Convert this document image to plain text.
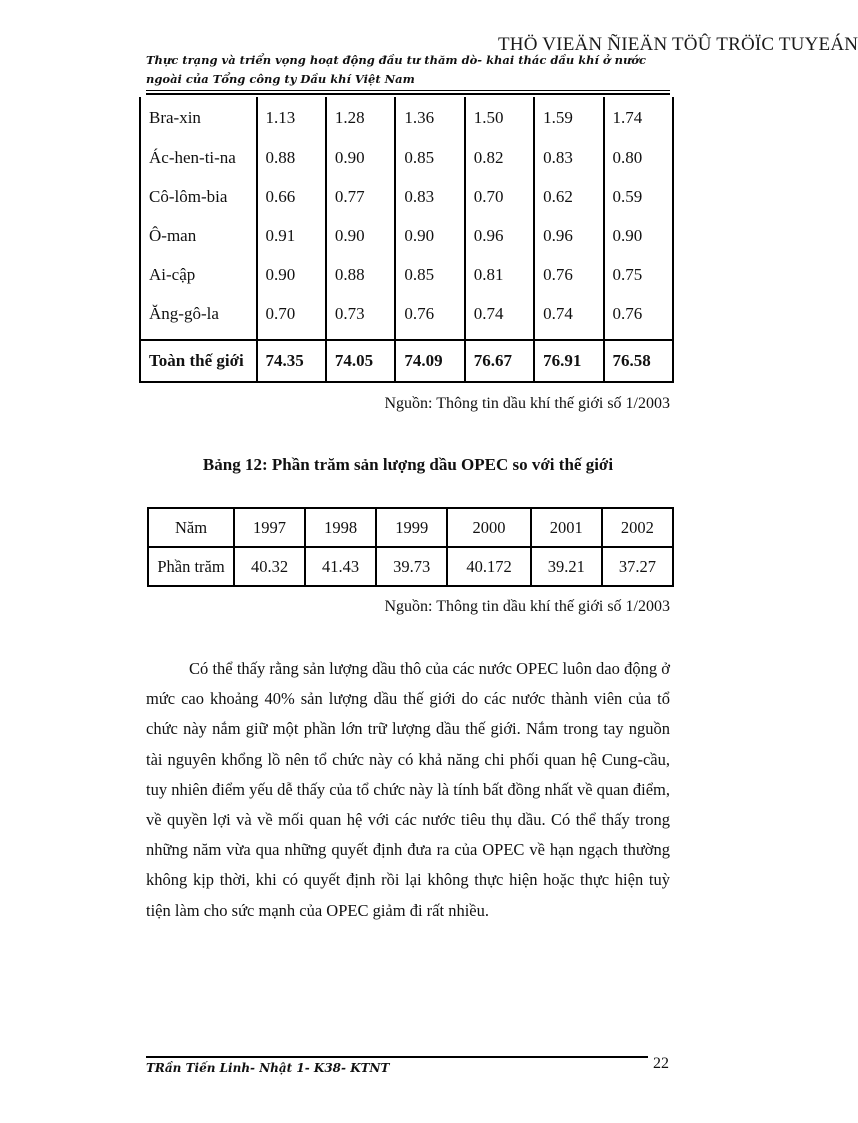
THÖ VIEÄN ÑIEÄN TÖÛ TRÖÏC TUYEÁN
Thực trạng và triển vọng hoạt động đầu tư thăm dò- khai thác dầu khí ở nước
ngoài của Tổng công ty Dầu khí Việt Nam
Bra-xin	1.13	1.28	1.36	1.50	1.59	1.74
Ác-hen-ti-na	0.88	0.90	0.85	0.82	0.83	0.80
Cô-lôm-bia	0.66	0.77	0.83	0.70	0.62	0.59
Ô-man	0.91	0.90	0.90	0.96	0.96	0.90
Ai-cập	0.90	0.88	0.85	0.81	0.76	0.75
Ăng-gô-la	0.70	0.73	0.76	0.74	0.74	0.76

Toàn thế giới	74.35	74.05	74.09	76.67	76.91	76.58
Nguồn: Thông tin dầu khí thế giới số 1/2003
Bảng 12: Phần trăm sản lượng dầu OPEC so với thế giới
Năm	1997	1998	1999	2000	2001	2002
Phần trăm	40.32	41.43	39.73	40.172	39.21	37.27
Nguồn: Thông tin dầu khí thế giới số 1/2003

Có thể thấy rằng sản lượng dầu thô của các nước OPEC luôn dao động ở mức cao khoảng 40% sản lượng dầu thế giới do các nước thành viên của tổ chức này nắm giữ một phần lớn trữ lượng dầu thế giới. Nắm trong tay nguồn tài nguyên khổng lồ nên tổ chức này có khả năng chi phối quan hệ Cung-cầu, tuy nhiên điểm yếu dễ thấy của tổ chức này là tính bất đồng nhất về quan điểm, về quyền lợi và về mối quan hệ với các nước tiêu thụ dầu. Có thể thấy trong những năm vừa qua những quyết định đưa ra của OPEC về hạn ngạch thường không kịp thời, khi có quyết định rồi lại không thực hiện hoặc thực hiện tuỳ tiện làm cho sức mạnh của OPEC giảm đi rất nhiều.

TRần Tiến Linh- Nhật 1- K38- KTNT	22
